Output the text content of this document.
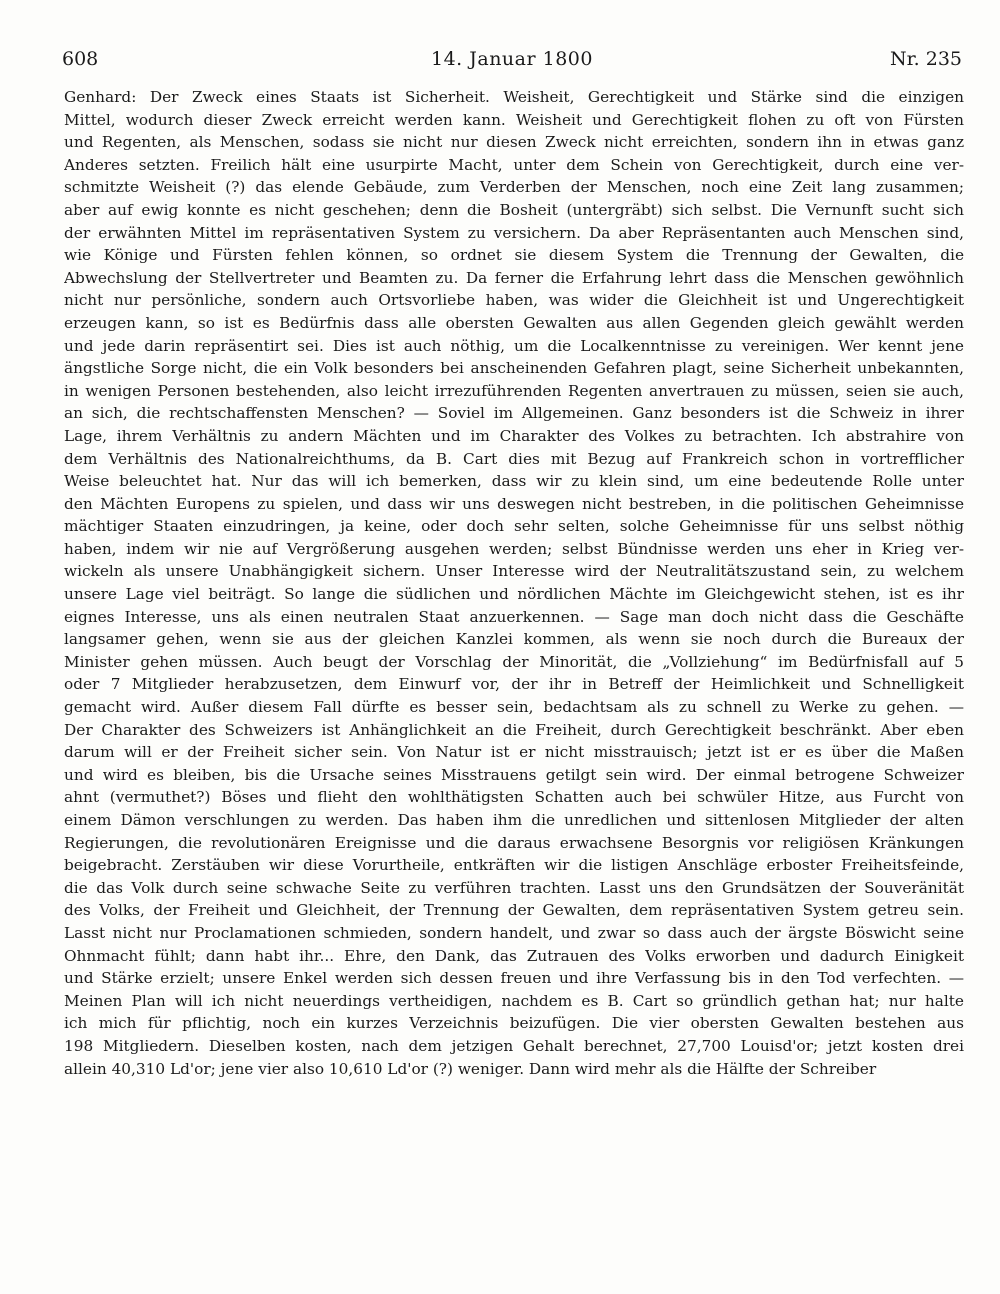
608	14. Januar 1800	Nr. 235
Genhard: Der Zweck eines Staats ist Sicherheit. Weisheit, Gerechtigkeit und Stärke sind die einzigen
Mittel, wodurch dieser Zweck erreicht werden kann. Weisheit und Gerechtigkeit flohen zu oft von Fürsten
und Regenten, als Menschen, sodass sie nicht nur diesen Zweck nicht erreichten, sondern ihn in etwas ganz
Anderes setzten. Freilich hält eine usurpirte Macht, unter dem Schein von Gerechtigkeit, durch eine ver-
schmitzte Weisheit (?) das elende Gebäude, zum Verderben der Menschen, noch eine Zeit lang zusammen;
aber auf ewig konnte es nicht geschehen; denn die Bosheit (untergräbt) sich selbst. Die Vernunft sucht sich
der erwähnten Mittel im repräsentativen System zu versichern. Da aber Repräsentanten auch Menschen sind,
wie Könige und Fürsten fehlen können, so ordnet sie diesem System die Trennung der Gewalten, die
Abwechslung der Stellvertreter und Beamten zu. Da ferner die Erfahrung lehrt dass die Menschen gewöhnlich
nicht nur persönliche, sondern auch Ortsvorliebe haben, was wider die Gleichheit ist und Ungerechtigkeit
erzeugen kann, so ist es Bedürfnis dass alle obersten Gewalten aus allen Gegenden gleich gewählt werden
und jede darin repräsentirt sei. Dies ist auch nöthig, um die Localkenntnisse zu vereinigen. Wer kennt jene
ängstliche Sorge nicht, die ein Volk besonders bei anscheinenden Gefahren plagt, seine Sicherheit unbekannten,
in wenigen Personen bestehenden, also leicht irrezuführenden Regenten anvertrauen zu müssen, seien sie auch,
an sich, die rechtschaffensten Menschen? — Soviel im Allgemeinen. Ganz besonders ist die Schweiz in ihrer
Lage, ihrem Verhältnis zu andern Mächten und im Charakter des Volkes zu betrachten. Ich abstrahire von
dem Verhältnis des Nationalreichthums, da B. Cart dies mit Bezug auf Frankreich schon in vortrefflicher
Weise beleuchtet hat. Nur das will ich bemerken, dass wir zu klein sind, um eine bedeutende Rolle unter
den Mächten Europens zu spielen, und dass wir uns deswegen nicht bestreben, in die politischen Geheimnisse
mächtiger Staaten einzudringen, ja keine, oder doch sehr selten, solche Geheimnisse für uns selbst nöthig
haben, indem wir nie auf Vergrößerung ausgehen werden; selbst Bündnisse werden uns eher in Krieg ver-
wickeln als unsere Unabhängigkeit sichern. Unser Interesse wird der Neutralitätszustand sein, zu welchem
unsere Lage viel beiträgt. So lange die südlichen und nördlichen Mächte im Gleichgewicht stehen, ist es ihr
eignes Interesse, uns als einen neutralen Staat anzuerkennen. — Sage man doch nicht dass die Geschäfte
langsamer gehen, wenn sie aus der gleichen Kanzlei kommen, als wenn sie noch durch die Bureaux der
Minister gehen müssen. Auch beugt der Vorschlag der Minorität, die „Vollziehung“ im Bedürfnisfall auf 5
oder 7 Mitglieder herabzusetzen, dem Einwurf vor, der ihr in Betreff der Heimlichkeit und Schnelligkeit
gemacht wird. Außer diesem Fall dürfte es besser sein, bedachtsam als zu schnell zu Werke zu gehen. —
Der Charakter des Schweizers ist Anhänglichkeit an die Freiheit, durch Gerechtigkeit beschränkt. Aber eben
darum will er der Freiheit sicher sein. Von Natur ist er nicht misstrauisch; jetzt ist er es über die Maßen
und wird es bleiben, bis die Ursache seines Misstrauens getilgt sein wird. Der einmal betrogene Schweizer
ahnt (vermuthet?) Böses und flieht den wohlthätigsten Schatten auch bei schwüler Hitze, aus Furcht von
einem Dämon verschlungen zu werden. Das haben ihm die unredlichen und sittenlosen Mitglieder der alten
Regierungen, die revolutionären Ereignisse und die daraus erwachsene Besorgnis vor religiösen Kränkungen
beigebracht. Zerstäuben wir diese Vorurtheile, entkräften wir die listigen Anschläge erboster Freiheitsfeinde,
die das Volk durch seine schwache Seite zu verführen trachten. Lasst uns den Grundsätzen der Souveränität
des Volks, der Freiheit und Gleichheit, der Trennung der Gewalten, dem repräsentativen System getreu sein.
Lasst nicht nur Proclamationen schmieden, sondern handelt, und zwar so dass auch der ärgste Böswicht seine
Ohnmacht fühlt; dann habt ihr... Ehre, den Dank, das Zutrauen des Volks erworben und dadurch Einigkeit
und Stärke erzielt; unsere Enkel werden sich dessen freuen und ihre Verfassung bis in den Tod verfechten. —
Meinen Plan will ich nicht neuerdings vertheidigen, nachdem es B. Cart so gründlich gethan hat; nur halte
ich mich für pflichtig, noch ein kurzes Verzeichnis beizufügen. Die vier obersten Gewalten bestehen aus
198 Mitgliedern. Dieselben kosten, nach dem jetzigen Gehalt berechnet, 27,700 Louisd'or; jetzt kosten drei
allein 40,310 Ld'or; jene vier also 10,610 Ld'or (?) weniger. Dann wird mehr als die Hälfte der Schreiber
